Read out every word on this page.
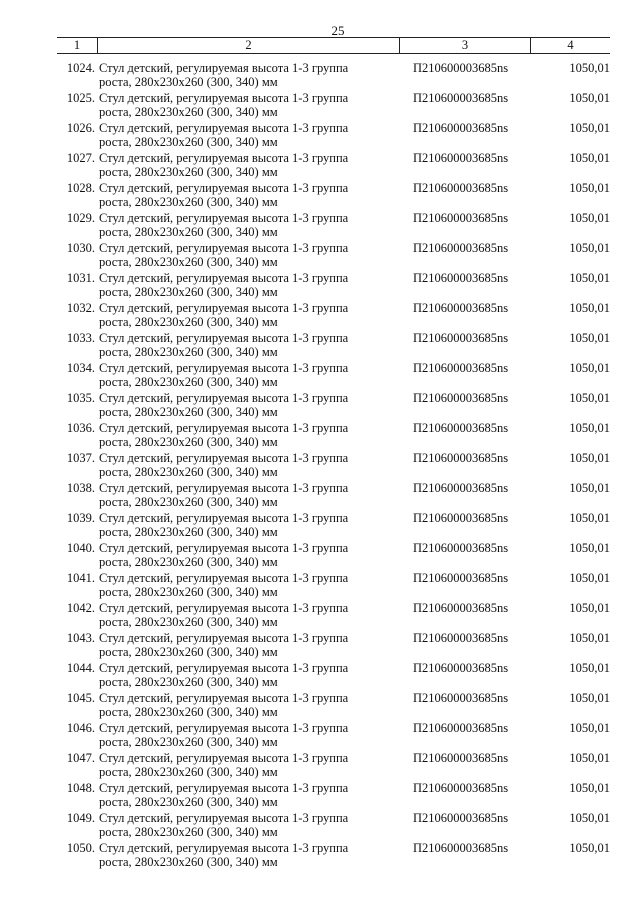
25
1	2	3	4
1024. Стул детский, регулируемая высота 1-3 группа
роста, 280х230х260 (300, 340) мм
П210600003685ns	1050,01
1025. Стул детский, регулируемая высота 1-3 группа
роста, 280х230х260 (300, 340) мм
П210600003685ns	1050,01
1026. Стул детский, регулируемая высота 1-3 группа
роста, 280х230х260 (300, 340) мм
П210600003685ns	1050,01
1027. Стул детский, регулируемая высота 1-3 группа
роста, 280х230х260 (300, 340) мм
П210600003685ns	1050,01
1028. Стул детский, регулируемая высота 1-3 группа
роста, 280х230х260 (300, 340) мм
П210600003685ns	1050,01
1029. Стул детский, регулируемая высота 1-3 группа
роста, 280х230х260 (300, 340) мм
П210600003685ns	1050,01
1030. Стул детский, регулируемая высота 1-3 группа
роста, 280х230х260 (300, 340) мм
П210600003685ns	1050,01
1031. Стул детский, регулируемая высота 1-3 группа
роста, 280х230х260 (300, 340) мм
П210600003685ns	1050,01
1032. Стул детский, регулируемая высота 1-3 группа
роста, 280х230х260 (300, 340) мм
П210600003685ns	1050,01
1033. Стул детский, регулируемая высота 1-3 группа
роста, 280х230х260 (300, 340) мм
П210600003685ns	1050,01
1034. Стул детский, регулируемая высота 1-3 группа
роста, 280х230х260 (300, 340) мм
П210600003685ns	1050,01
1035. Стул детский, регулируемая высота 1-3 группа
роста, 280х230х260 (300, 340) мм
П210600003685ns	1050,01
1036. Стул детский, регулируемая высота 1-3 группа
роста, 280х230х260 (300, 340) мм
П210600003685ns	1050,01
1037. Стул детский, регулируемая высота 1-3 группа
роста, 280х230х260 (300, 340) мм
П210600003685ns	1050,01
1038. Стул детский, регулируемая высота 1-3 группа
роста, 280х230х260 (300, 340) мм
П210600003685ns	1050,01
1039. Стул детский, регулируемая высота 1-3 группа
роста, 280х230х260 (300, 340) мм
П210600003685ns	1050,01
1040. Стул детский, регулируемая высота 1-3 группа
роста, 280х230х260 (300, 340) мм
П210600003685ns	1050,01
1041. Стул детский, регулируемая высота 1-3 группа
роста, 280х230х260 (300, 340) мм
П210600003685ns	1050,01
1042. Стул детский, регулируемая высота 1-3 группа
роста, 280х230х260 (300, 340) мм
П210600003685ns	1050,01
1043. Стул детский, регулируемая высота 1-3 группа
роста, 280х230х260 (300, 340) мм
П210600003685ns	1050,01
1044. Стул детский, регулируемая высота 1-3 группа
роста, 280х230х260 (300, 340) мм
П210600003685ns	1050,01
1045. Стул детский, регулируемая высота 1-3 группа
роста, 280х230х260 (300, 340) мм
П210600003685ns	1050,01
1046. Стул детский, регулируемая высота 1-3 группа
роста, 280х230х260 (300, 340) мм
П210600003685ns	1050,01
1047. Стул детский, регулируемая высота 1-3 группа
роста, 280х230х260 (300, 340) мм
П210600003685ns	1050,01
1048. Стул детский, регулируемая высота 1-3 группа
роста, 280х230х260 (300, 340) мм
П210600003685ns	1050,01
1049. Стул детский, регулируемая высота 1-3 группа
роста, 280х230х260 (300, 340) мм
П210600003685ns	1050,01
1050. Стул детский, регулируемая высота 1-3 группа
роста, 280х230х260 (300, 340) мм
П210600003685ns	1050,01
